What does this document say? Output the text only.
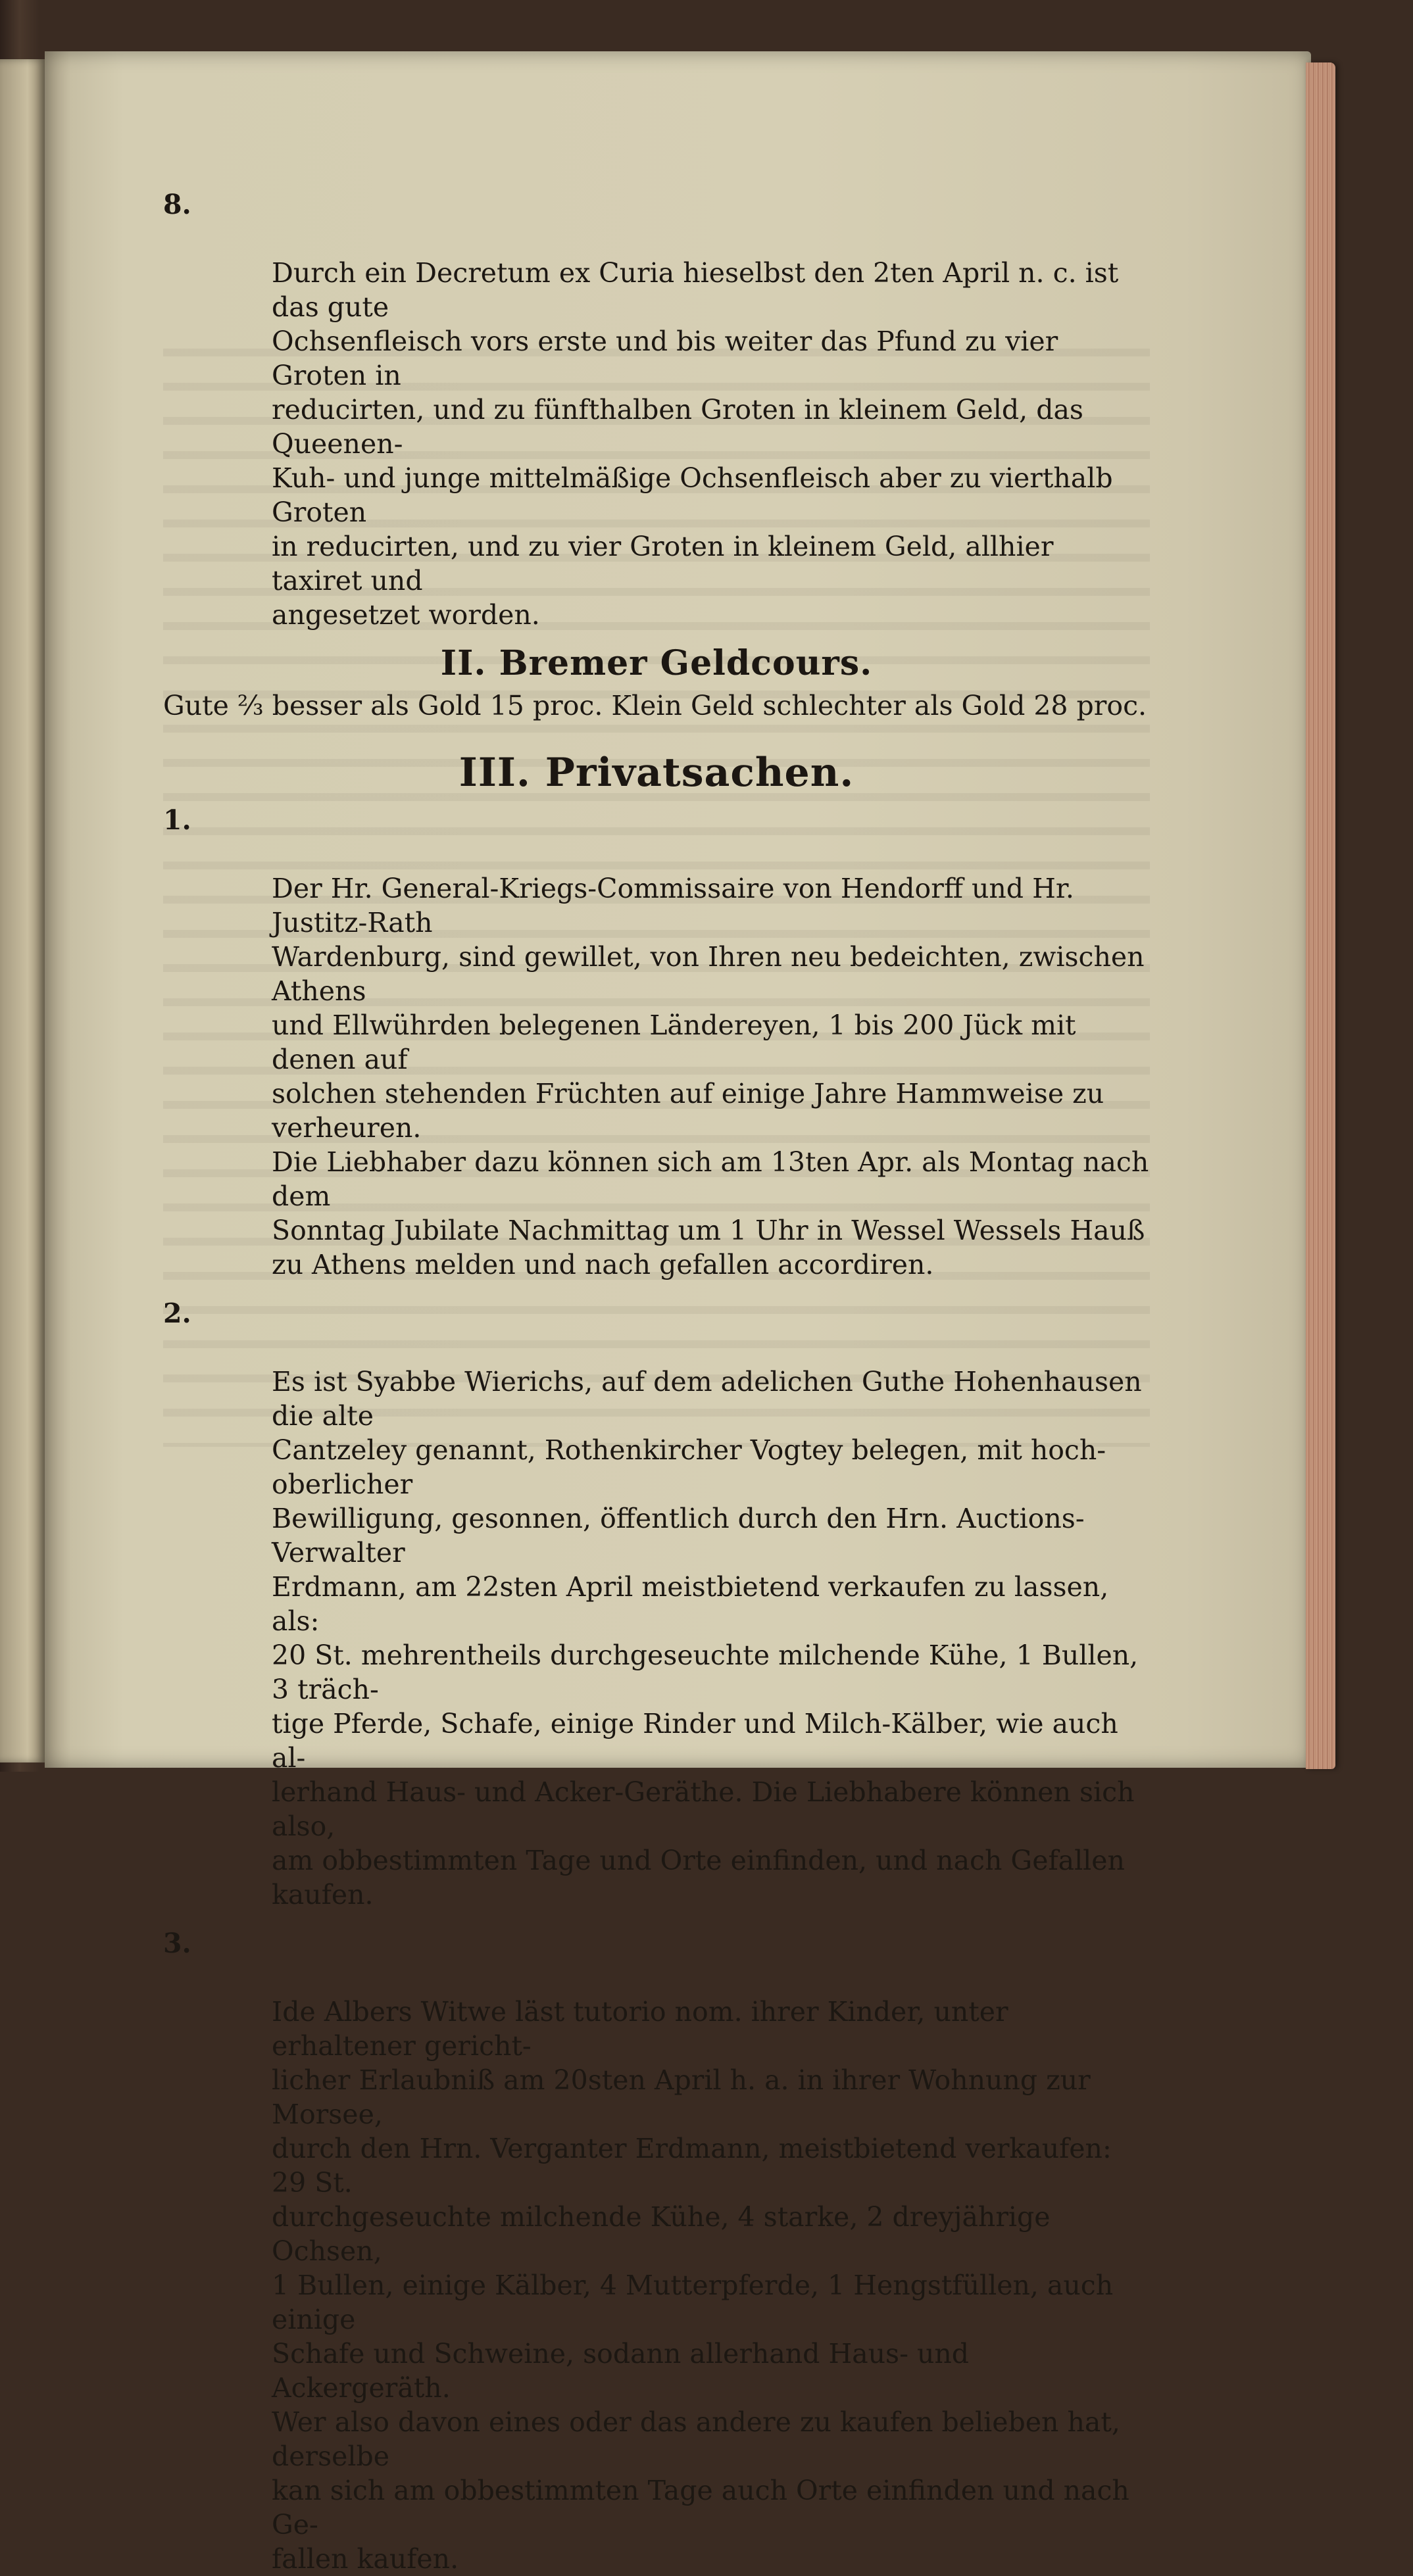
8.

Durch ein Decretum ex Curia hieselbst den 2ten April n. c. ist das gute
Ochsenfleisch vors erste und bis weiter das Pfund zu vier Groten in
reducirten, und zu fünfthalben Groten in kleinem Geld, das Queenen-
Kuh- und junge mittelmäßige Ochsenfleisch aber zu vierthalb Groten
in reducirten, und zu vier Groten in kleinem Geld, allhier taxiret und
angesetzet worden.

II. Bremer Geldcours.

Gute ⅔ besser als Gold 15 proc. Klein Geld schlechter als Gold 28 proc.

III. Privatsachen.

1.

Der Hr. General-Kriegs-Commissaire von Hendorff und Hr. Justitz-Rath
Wardenburg, sind gewillet, von Ihren neu bedeichten, zwischen Athens
und Ellwührden belegenen Ländereyen, 1 bis 200 Jück mit denen auf
solchen stehenden Früchten auf einige Jahre Hammweise zu verheuren.
Die Liebhaber dazu können sich am 13ten Apr. als Montag nach dem
Sonntag Jubilate Nachmittag um 1 Uhr in Wessel Wessels Hauß
zu Athens melden und nach gefallen accordiren.

2.

Es ist Syabbe Wierichs, auf dem adelichen Guthe Hohenhausen die alte
Cantzeley genannt, Rothenkircher Vogtey belegen, mit hoch-oberlicher
Bewilligung, gesonnen, öffentlich durch den Hrn. Auctions-Verwalter
Erdmann, am 22sten April meistbietend verkaufen zu lassen, als:
20 St. mehrentheils durchgeseuchte milchende Kühe, 1 Bullen, 3 träch-
tige Pferde, Schafe, einige Rinder und Milch-Kälber, wie auch al-
lerhand Haus- und Acker-Geräthe. Die Liebhabere können sich also,
am obbestimmten Tage und Orte einfinden, und nach Gefallen kaufen.

3.

Ide Albers Witwe läst tutorio nom. ihrer Kinder, unter erhaltener gericht-
licher Erlaubniß am 20sten April h. a. in ihrer Wohnung zur Morsee,
durch den Hrn. Verganter Erdmann, meistbietend verkaufen: 29 St.
durchgeseuchte milchende Kühe, 4 starke, 2 dreyjährige Ochsen,
1 Bullen, einige Kälber, 4 Mutterpferde, 1 Hengstfüllen, auch einige
Schafe und Schweine, sodann allerhand Haus- und Ackergeräth.
Wer also davon eines oder das andere zu kaufen belieben hat, derselbe
kan sich am obbestimmten Tage auch Orte einfinden und nach Ge-
fallen kaufen.
